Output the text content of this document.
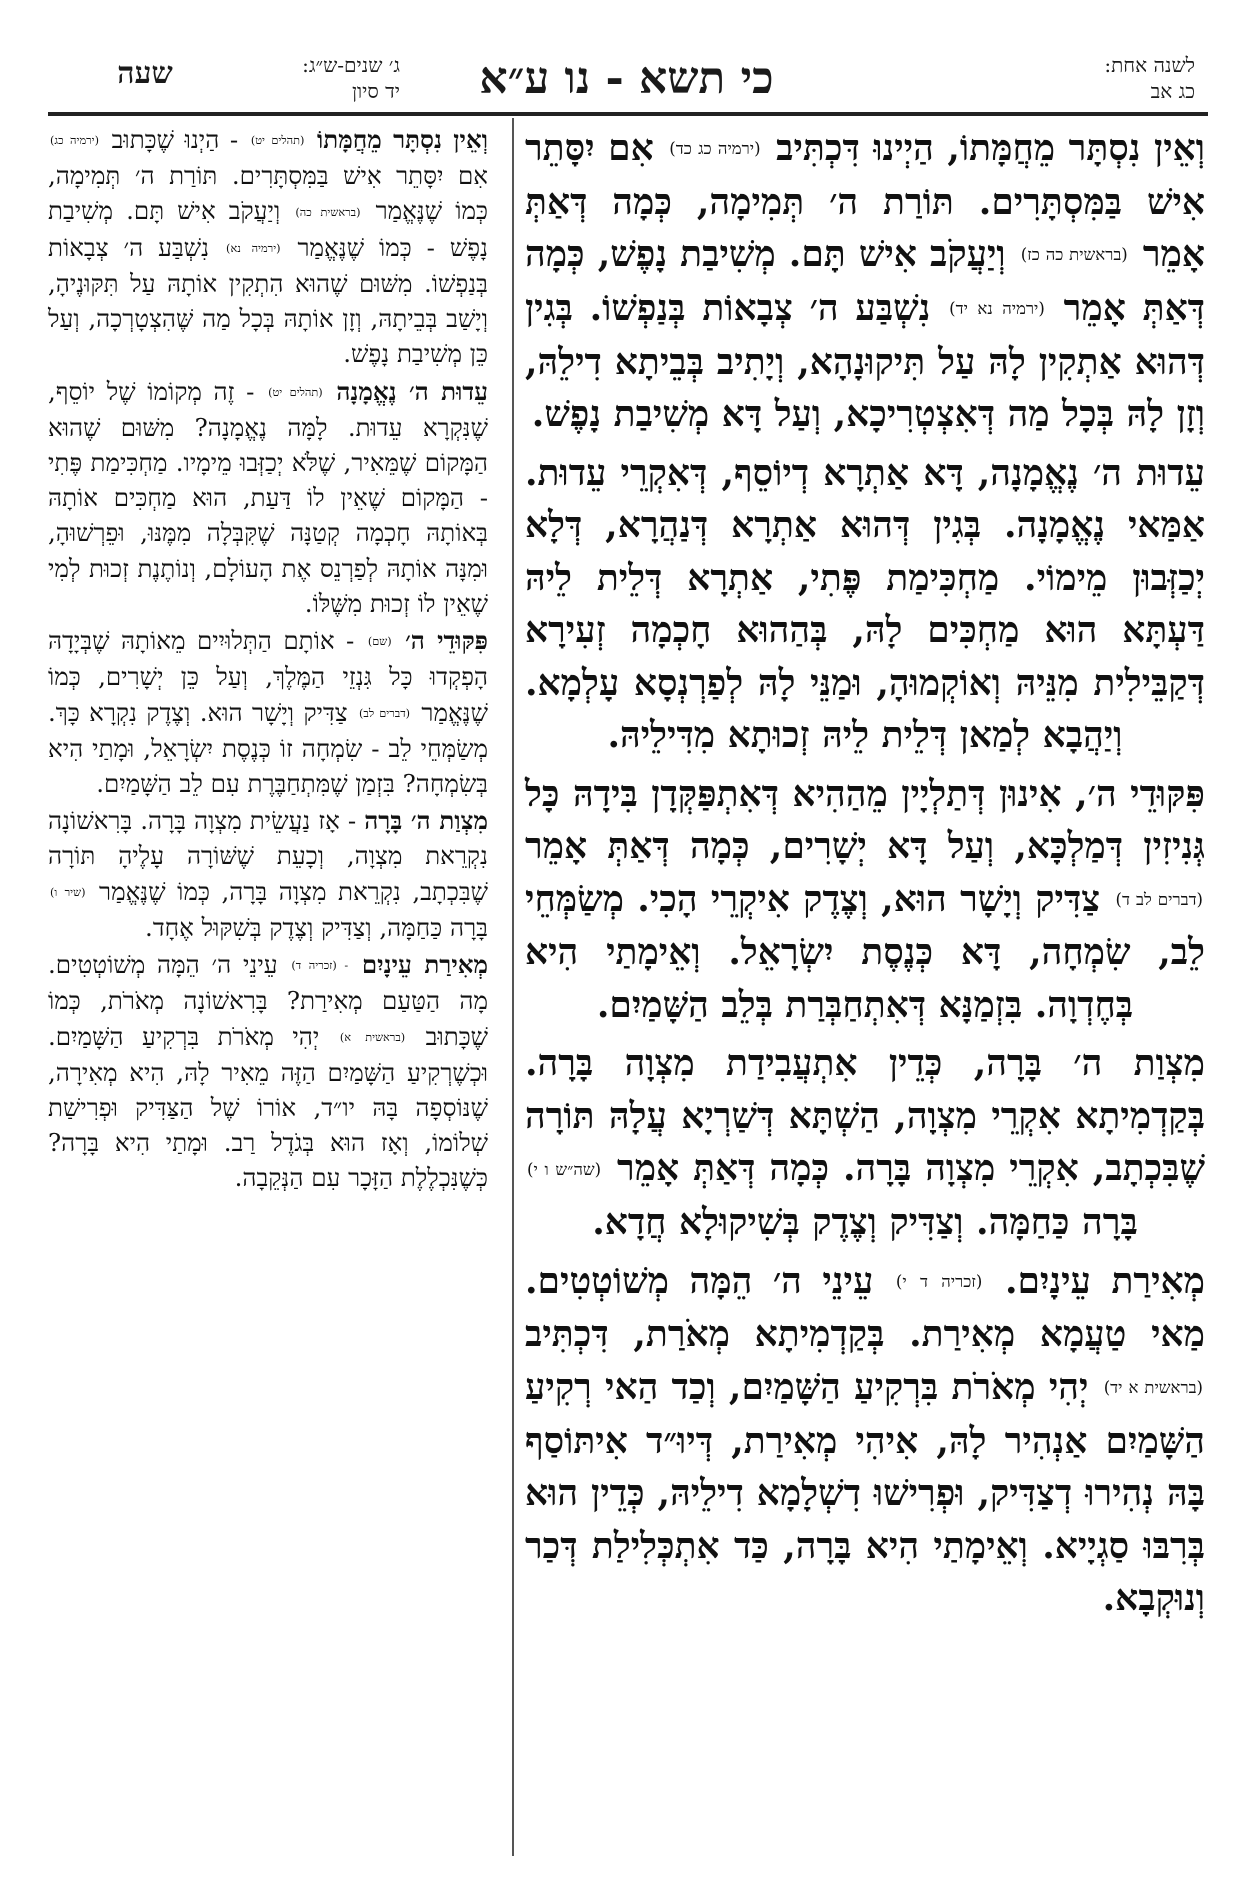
לשנה אחת:
כג אב
כי תשא - נו ע״א
ג׳ שנים-ש״ג:
יד סיון
שעה

וְאֵין נִסְתָּר מֵחֲמָּתוֹ, הַיְינוּ דִּכְתִּיב (ירמיה כג כד) אִם יִסָּתֵר אִישׁ בַּמִּסְתָּרִים. תּוֹרַת ה׳ תְּמִימָה, כְּמָה דְּאַתְּ אָמֵר (בראשית כה כז) וְיַעֲקֹב אִישׁ תָּם. מְשִׁיבַת נָפֶשׁ, כְּמָה דְּאַתְּ אָמֵר (ירמיה נא יד) נִשְׁבַּע ה׳ צְבָאוֹת בְּנַפְשׁוֹ. בְּגִין דְּהוּא אַתְקִין לָהּ עַל תִּיקוּנָהָא, וְיָתִיב בְּבֵיתָא דִילֵהּ, וְזָן לָהּ בְּכָל מַה דְּאִצְטְרִיכָא, וְעַל דָּא מְשִׁיבַת נָפֶשׁ.

עֵדוּת ה׳ נֶאֱמָנָה, דָּא אַתְרָא דְיוֹסֵף, דְּאִקְרֵי עֵדוּת. אַמַּאי נֶאֱמָנָה. בְּגִין דְּהוּא אַתְרָא דְּנַהֲרָא, דְּלָא יְכַזְּבוּן מֵימוֹי. מַחְכִּימַת פֶּתִי, אַתְרָא דְּלֵית לֵיהּ דַּעְתָּא הוּא מַחְכִּים לָהּ, בְּהַהוּא חָכְמָה זְעִירָא דְּקַבֵּילִית מִנֵּיהּ וְאוֹקְמוּהָ, וּמַנֵּי לָהּ לְפַרְנְסָא עָלְמָא. וְיַהֲבָא לְמַאן דְּלֵית לֵיהּ זְכוּתָא מִדִּילֵיהּ.

פִּקּוּדֵי ה׳, אִינוּן דְּתַלְיָין מֵהַהִיא דְּאִתְפַּקְּדָן בִּידָהּ כָּל גְּנִיזִין דְּמַלְכָּא, וְעַל דָּא יְשָׁרִים, כְּמָה דְּאַתְּ אָמֵר (דברים לב ד) צַדִּיק וְיָשָׁר הוּא, וְצֶדֶק אִיקְרֵי הָכִי. מְשַׂמְּחֵי לֵב, שִׂמְחָה, דָּא כְּנֶסֶת יִשְׂרָאֵל. וְאֵימָתַי הִיא בְּחֶדְוָה. בִּזְמַנָּא דְּאִתְחַבְּרַת בְּלֵב הַשָּׁמַיִם.

מִצְוַת ה׳ בָּרָה, כְּדֵין אִתְעֲבִידַת מִצְוָה בָּרָה. בְּקַדְמִיתָא אִקְרֵי מִצְוָה, הַשְׁתָּא דְּשַׁרְיָא עֲלָהּ תּוֹרָה שֶׁבִּכְתָב, אִקְרֵי מִצְוָה בָּרָה. כְּמָה דְּאַתְּ אָמֵר (שה״ש ו י) בָּרָה כַּחַמָּה. וְצַדִּיק וְצֶדֶק בְּשִׁיקוּלָא חֲדָא.

מְאִירַת עֵינָיִם. (זכריה ד י) עֵינֵי ה׳ הֵמָּה מְשׁוֹטְטִים. מַאי טַעֲמָא מְאִירַת. בְּקַדְמִיתָא מְאֹרַת, דִּכְתִּיב (בראשית א יד) יְהִי מְאֹרֹת בִּרְקִיעַ הַשָּׁמַיִם, וְכַד הַאי רְקִיעַ הַשָּׁמַיִם אַנְהִיר לָהּ, אִיהִי מְאִירַת, דְּיוּ״ד אִיתּוֹסַף בָּהּ נְהִירוּ דְצַדִּיק, וּפְרִישׁוּ דִשְׁלָמָא דִילֵיהּ, כְּדֵין הוּא בְּרִבּוּ סַגְיָיא. וְאֵימָתַי הִיא בָּרָה, כַּד אִתְכְּלִילַת דְּכַר וְנוּקְבָא.

וְאֵין נִסְתָּר מֵחֲמָּתוֹ (תהלים יט) - הַיְנוּ שֶׁכָּתוּב (ירמיה כג) אִם יִסָּתֵר אִישׁ בַּמִּסְתָּרִים. תּוֹרַת ה׳ תְּמִימָה, כְּמוֹ שֶׁנֶּאֱמַר (בראשית כה) וְיַעֲקֹב אִישׁ תָּם. מְשִׁיבַת נָפֶשׁ - כְּמוֹ שֶׁנֶּאֱמַר (ירמיה נא) נִשְׁבַּע ה׳ צְבָאוֹת בְּנַפְשׁוֹ. מִשּׁוּם שֶׁהוּא הִתְקִין אוֹתָהּ עַל תִּקּוּנֶיהָ, וְיָשַׁב בְּבֵיתָהּ, וְזָן אוֹתָהּ בְּכָל מַה שֶּׁהִצְטָרְכָה, וְעַל כֵּן מְשִׁיבַת נָפֶשׁ.

עֵדוּת ה׳ נֶאֱמָנָה (תהלים יט) - זֶה מְקוֹמוֹ שֶׁל יוֹסֵף, שֶׁנִּקְרָא עֵדוּת. לָמָּה נֶאֱמָנָה? מִשּׁוּם שֶׁהוּא הַמָּקוֹם שֶׁמֵּאִיר, שֶׁלֹּא יְכַזְּבוּ מֵימָיו. מַחְכִּימַת פֶּתִי - הַמָּקוֹם שֶׁאֵין לוֹ דַּעַת, הוּא מַחְכִּים אוֹתָהּ בְּאוֹתָהּ חָכְמָה קְטַנָּה שֶׁקִּבְּלָה מִמֶּנּוּ, וּפֵרְשׁוּהָ, וּמִנָּה אוֹתָהּ לְפַרְנֵס אֶת הָעוֹלָם, וְנוֹתֶנֶת זְכוּת לְמִי שֶׁאֵין לוֹ זְכוּת מִשֶּׁלּוֹ.

פִּקּוּדֵי ה׳ (שם) - אוֹתָם הַתְּלוּיִים מֵאוֹתָהּ שֶׁבְּיָדָהּ הָפְקְדוּ כָּל גִּנְזֵי הַמֶּלֶךְ, וְעַל כֵּן יְשָׁרִים, כְּמוֹ שֶׁנֶּאֱמַר (דברים לב) צַדִּיק וְיָשָׁר הוּא. וְצֶדֶק נִקְרָא כָּךְ. מְשַׂמְּחֵי לֵב - שִׂמְחָה זוֹ כְּנֶסֶת יִשְׂרָאֵל, וּמָתַי הִיא בְּשִׂמְחָה? בִּזְמַן שֶׁמִּתְחַבֶּרֶת עִם לֵב הַשָּׁמַיִם.

מִצְוַת ה׳ בָּרָה - אָז נַעֲשֵׂית מִצְוָה בָּרָה. בָּרִאשׁוֹנָה נִקְרֵאת מִצְוָה, וְכָעֵת שֶׁשּׁוֹרָה עָלֶיהָ תּוֹרָה שֶׁבִּכְתָב, נִקְרֵאת מִצְוָה בָּרָה, כְּמוֹ שֶׁנֶּאֱמַר (שיר ו) בָּרָה כַּחַמָּה, וְצַדִּיק וְצֶדֶק בְּשִׁקּוּל אֶחָד.

מְאִירַת עֵינָיִם - (זכריה ד) עֵינֵי ה׳ הֵמָּה מְשׁוֹטְטִים. מָה הַטַּעַם מְאִירַת? בָּרִאשׁוֹנָה מְאֹרֹת, כְּמוֹ שֶׁכָּתוּב (בראשית א) יְהִי מְאֹרֹת בִּרְקִיעַ הַשָּׁמַיִם. וּכְשֶׁרְקִיעַ הַשָּׁמַיִם הַזֶּה מֵאִיר לָהּ, הִיא מְאִירָה, שֶׁנּוֹסְפָה בָּהּ יו״ד, אוֹרוֹ שֶׁל הַצַּדִּיק וּפְרִישַׁת שְׁלוֹמוֹ, וְאָז הוּא בְּגֹדֶל רַב. וּמָתַי הִיא בָּרָה? כְּשֶׁנִּכְלֶלֶת הַזָּכָר עִם הַנְּקֵבָה.
